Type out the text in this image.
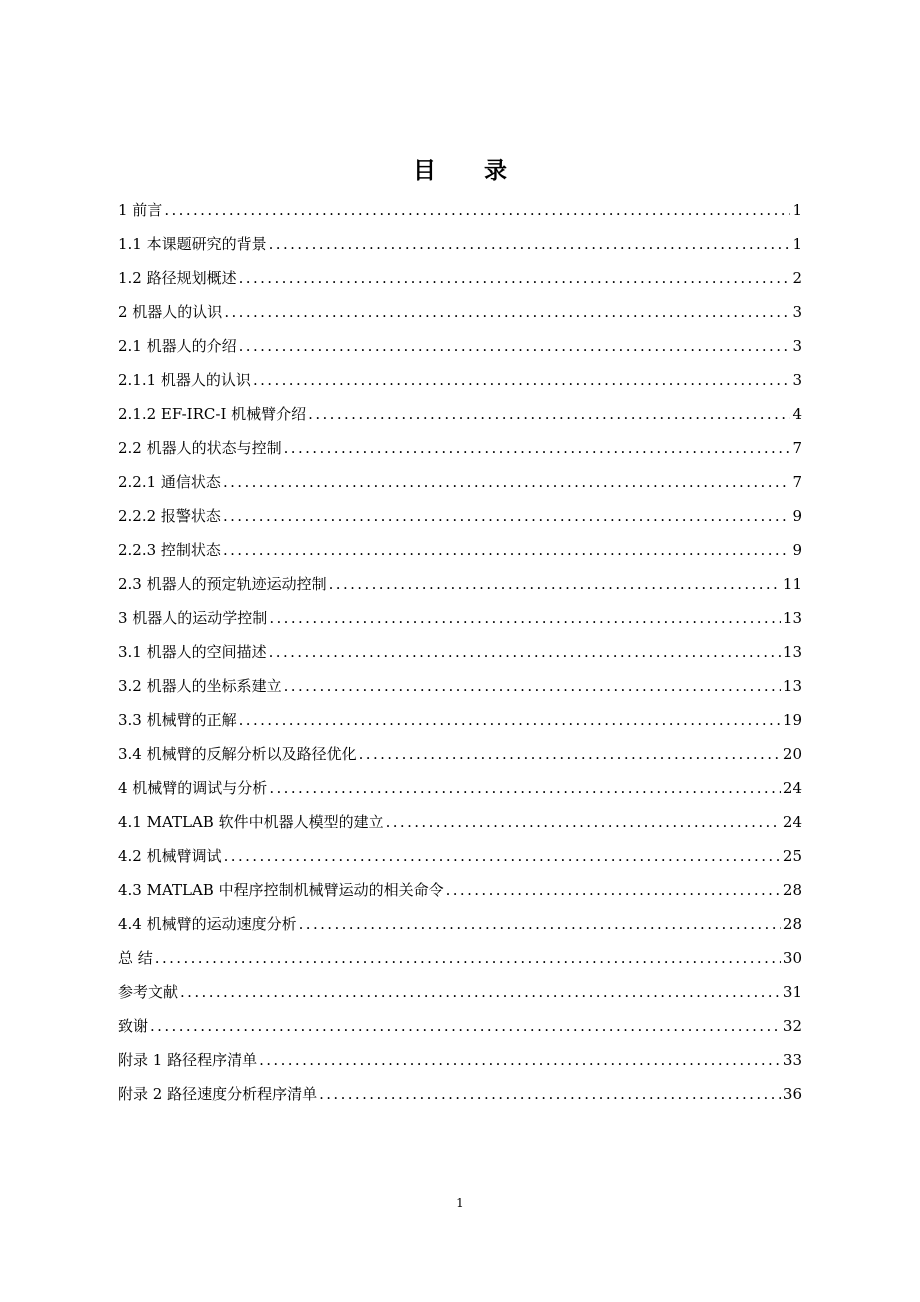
目 录
1 前言 .....	1
1.1 本课题研究的背景 .....	1
1.2 路径规划概述 .....	2
2 机器人的认识 .....	3
2.1 机器人的介绍 .....	3
2.1.1 机器人的认识 .....	3
2.1.2 EF-IRC-I 机械臂介绍 .....	4
2.2 机器人的状态与控制 .....	7
2.2.1 通信状态 .....	7
2.2.2 报警状态 .....	9
2.2.3 控制状态 .....	9
2.3 机器人的预定轨迹运动控制 .....	11
3 机器人的运动学控制 .....	13
3.1 机器人的空间描述 .....	13
3.2 机器人的坐标系建立 .....	13
3.3 机械臂的正解 .....	19
3.4 机械臂的反解分析以及路径优化 .....	20
4 机械臂的调试与分析 .....	24
4.1 MATLAB 软件中机器人模型的建立 .....	24
4.2 机械臂调试 .....	25
4.3 MATLAB 中程序控制机械臂运动的相关命令 .....	28
4.4 机械臂的运动速度分析 .....	28
总 结 .....	30
参考文献 .....	31
致谢 .....	32
附录 1 路径程序清单 .....	33
附录 2 路径速度分析程序清单 .....	36
1
